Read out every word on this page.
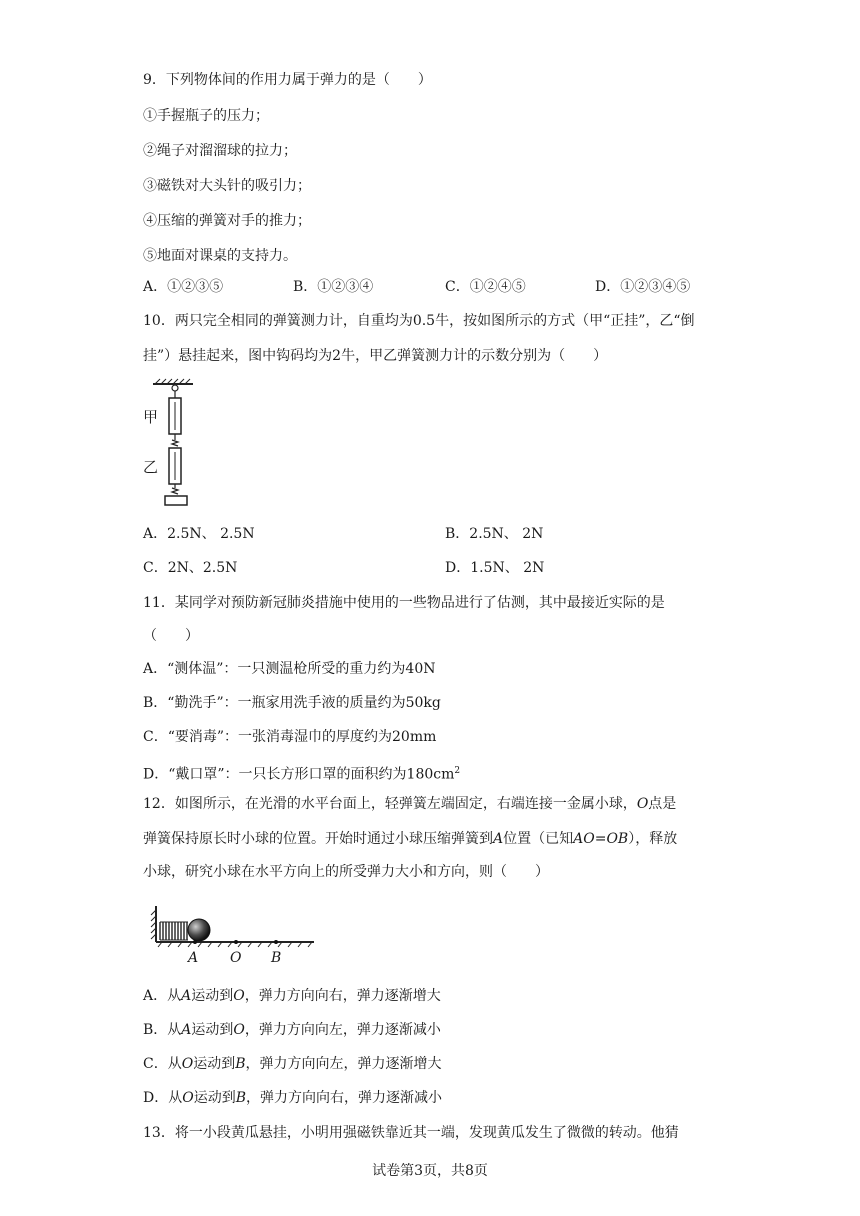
9．下列物体间的作用力属于弹力的是（　　）
①手握瓶子的压力；
②绳子对溜溜球的拉力；
③磁铁对大头针的吸引力；
④压缩的弹簧对手的推力；
⑤地面对课桌的支持力。
A．①②③⑤	B．①②③④	C．①②④⑤	D．①②③④⑤
10．两只完全相同的弹簧测力计，自重均为0.5牛，按如图所示的方式（甲“正挂”，乙“倒
挂”）悬挂起来，图中钩码均为2牛，甲乙弹簧测力计的示数分别为（　　）
甲
乙
A．2.5N、 2.5N	B．2.5N、 2N
C．2N、2.5N	D．1.5N、 2N
11．某同学对预防新冠肺炎措施中使用的一些物品进行了估测，其中最接近实际的是
（　　）
A．“测体温”：一只测温枪所受的重力约为40N
B．“勤洗手”：一瓶家用洗手液的质量约为50kg
C．“要消毒”：一张消毒湿巾的厚度约为20mm
D．“戴口罩”：一只长方形口罩的面积约为$180cm^2$
12．如图所示，在光滑的水平台面上，轻弹簧左端固定，右端连接一金属小球，O点是
弹簧保持原长时小球的位置。开始时通过小球压缩弹簧到A位置（已知AO=OB），释放
小球，研究小球在水平方向上的所受弹力大小和方向，则（　　）
A O B
A．从A运动到O，弹力方向向右，弹力逐渐增大
B．从A运动到O，弹力方向向左，弹力逐渐减小
C．从O运动到B，弹力方向向左，弹力逐渐增大
D．从O运动到B，弹力方向向右，弹力逐渐减小
13．将一小段黄瓜悬挂，小明用强磁铁靠近其一端，发现黄瓜发生了微微的转动。他猜
试卷第3页，共8页
